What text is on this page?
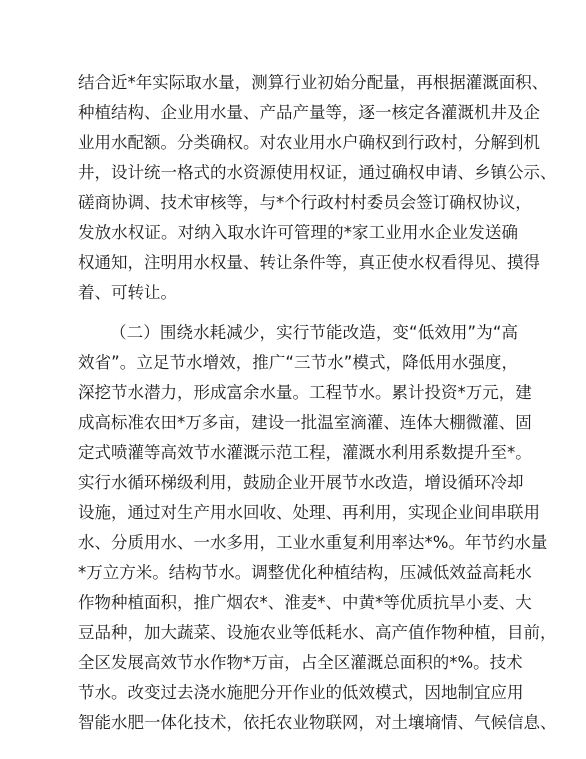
结合近*年实际取水量，测算行业初始分配量，再根据灌溉面积、
种植结构、企业用水量、产品产量等，逐一核定各灌溉机井及企
业用水配额。分类确权。对农业用水户确权到行政村，分解到机
井，设计统一格式的水资源使用权证，通过确权申请、乡镇公示、
磋商协调、技术审核等，与*个行政村村委员会签订确权协议，
发放水权证。对纳入取水许可管理的*家工业用水企业发送确
权通知，注明用水权量、转让条件等，真正使水权看得见、摸得
着、可转让。
（二）围绕水耗减少，实行节能改造，变“低效用”为“高
效省”。立足节水增效，推广“三节水”模式，降低用水强度，
深挖节水潜力，形成富余水量。工程节水。累计投资*万元，建
成高标准农田*万多亩，建设一批温室滴灌、连体大棚微灌、固
定式喷灌等高效节水灌溉示范工程，灌溉水利用系数提升至*。
实行水循环梯级利用，鼓励企业开展节水改造，增设循环冷却
设施，通过对生产用水回收、处理、再利用，实现企业间串联用
水、分质用水、一水多用，工业水重复利用率达*%。年节约水量
*万立方米。结构节水。调整优化种植结构，压减低效益高耗水
作物种植面积，推广烟农*、淮麦*、中黄*等优质抗旱小麦、大
豆品种，加大蔬菜、设施农业等低耗水、高产值作物种植，目前，
全区发展高效节水作物*万亩，占全区灌溉总面积的*%。技术
节水。改变过去浇水施肥分开作业的低效模式，因地制宜应用
智能水肥一体化技术，依托农业物联网，对土壤墒情、气候信息、
